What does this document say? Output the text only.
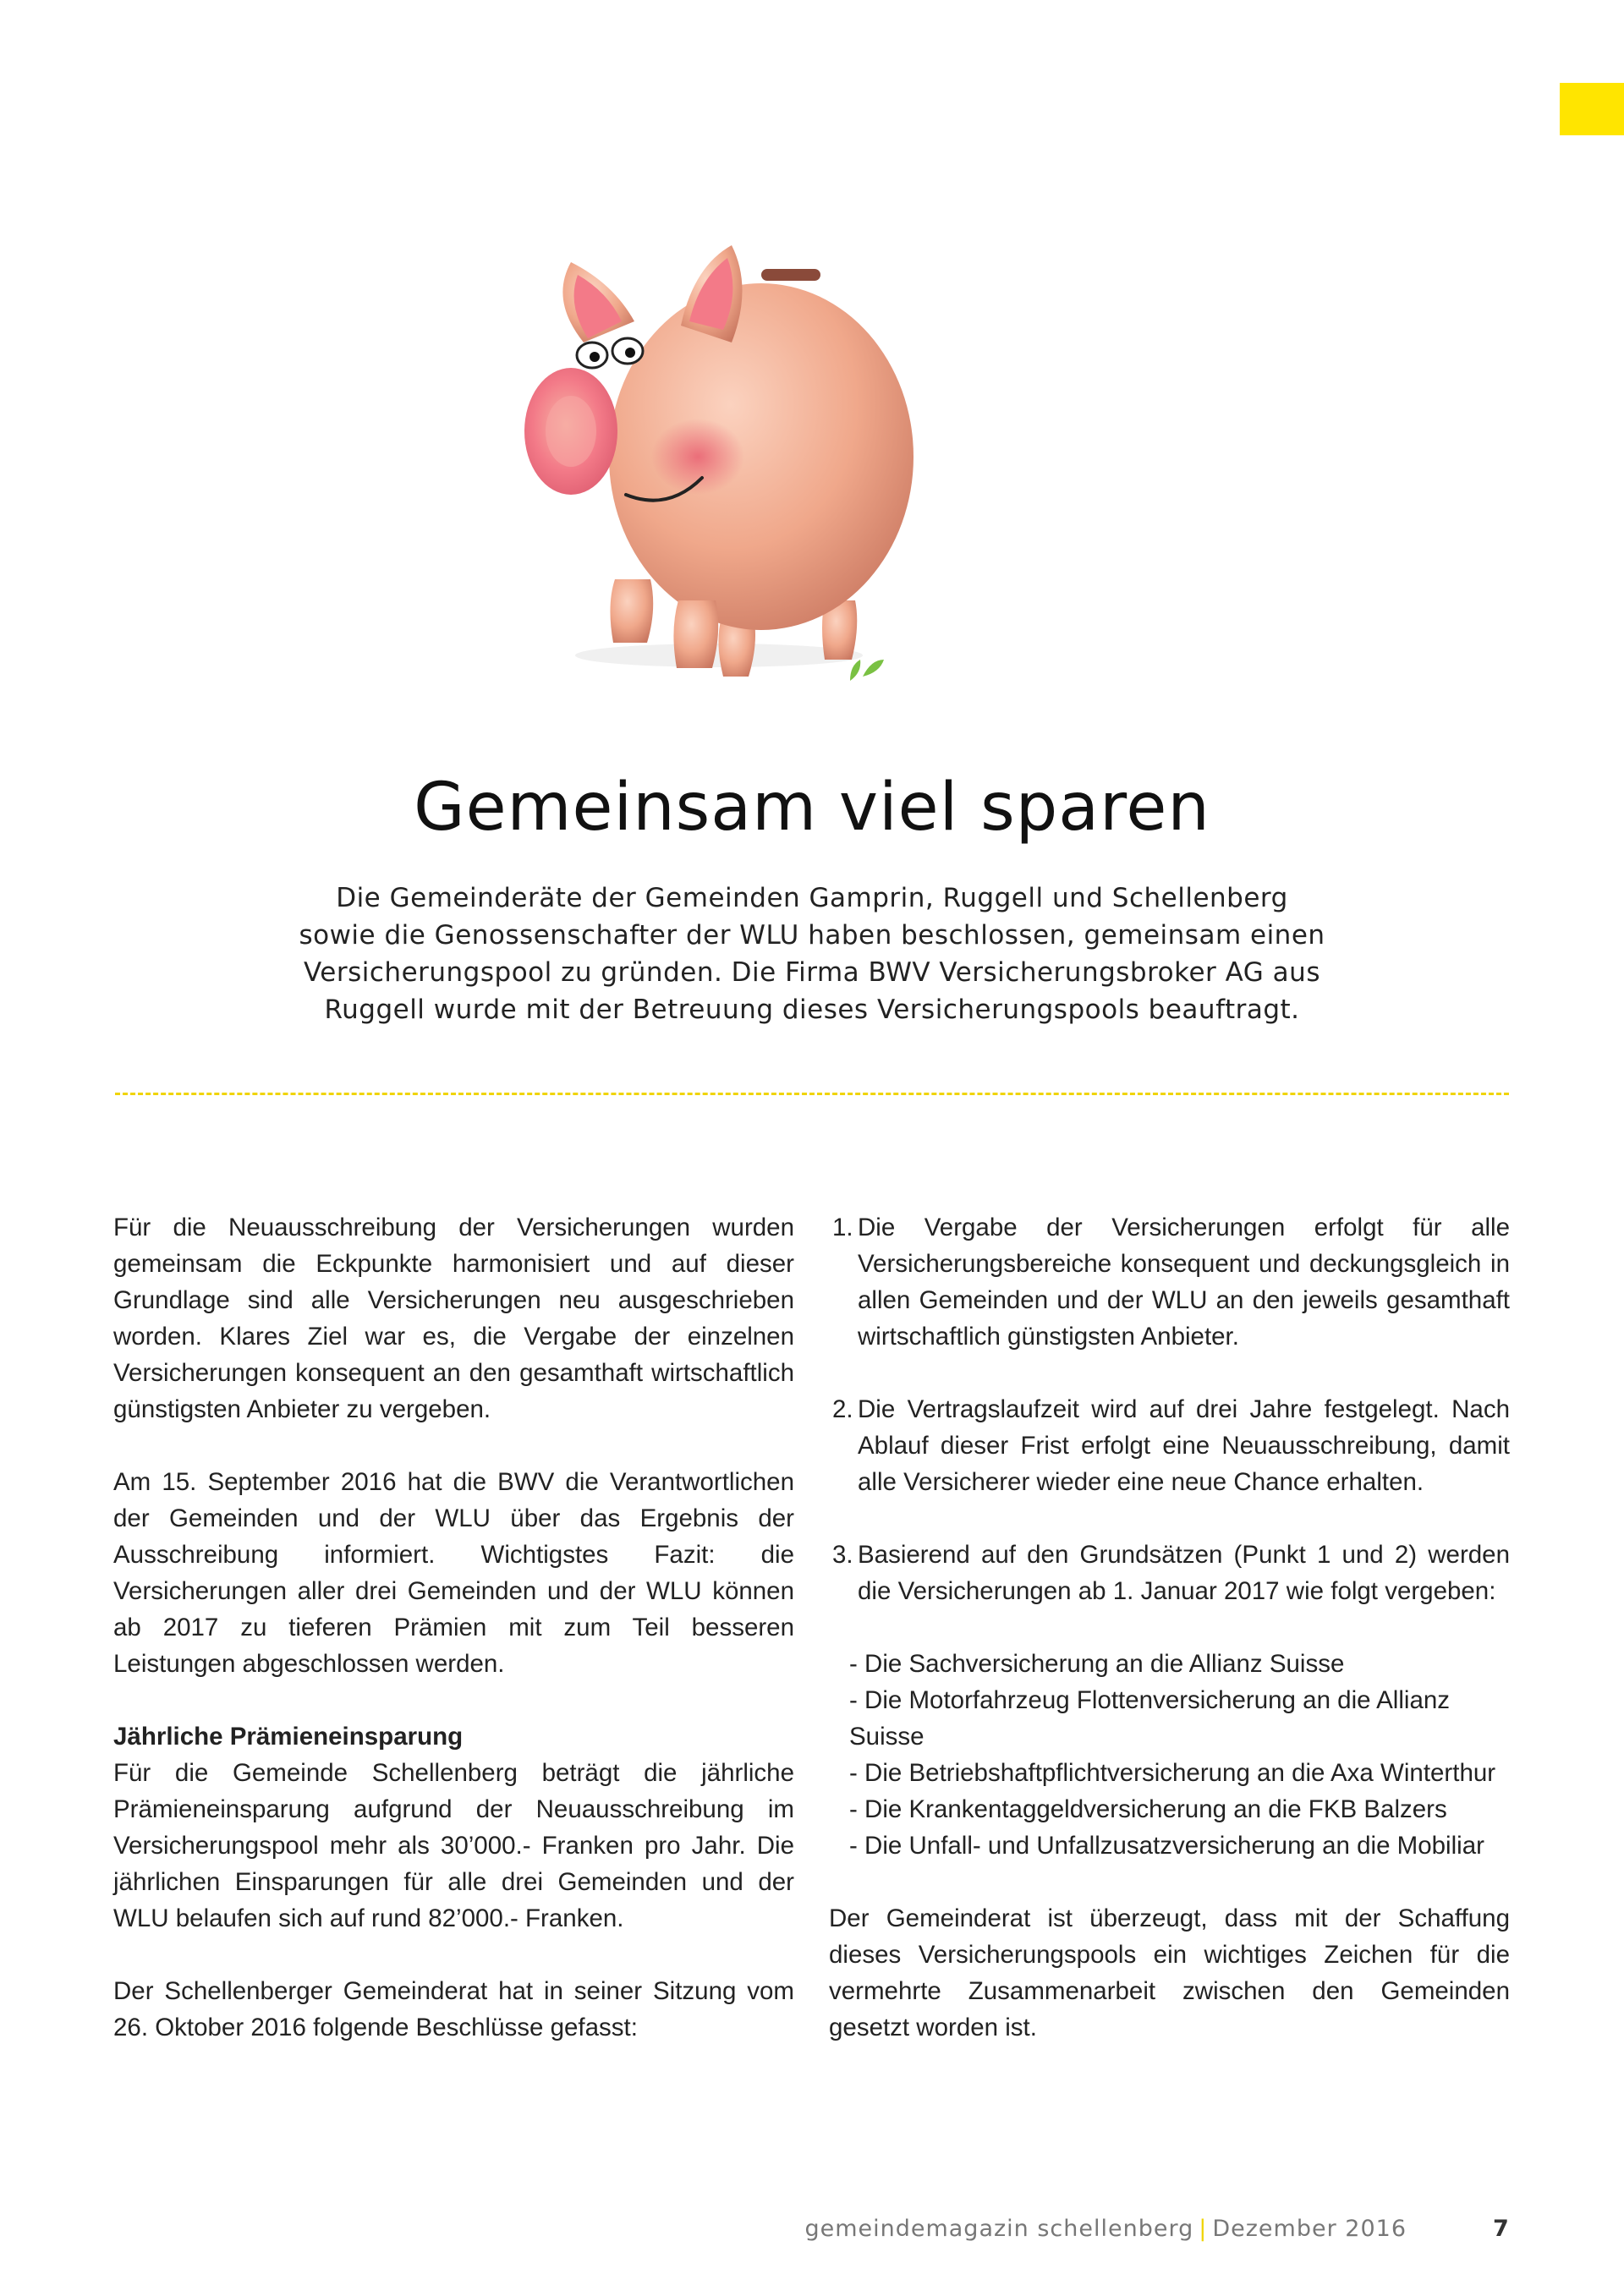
Gemeinsam viel sparen

Die Gemeinderäte der Gemeinden Gamprin, Ruggell und Schellenberg

sowie die Genossenschafter der WLU haben beschlossen, gemeinsam einen

Versicherungspool zu gründen. Die Firma BWV Versicherungsbroker AG aus

Ruggell wurde mit der Betreuung dieses Versicherungspools beauftragt.

Für die Neuausschreibung der Versicherungen wurden gemeinsam die Eckpunkte harmonisiert und auf dieser Grundlage sind alle Versicherungen neu ausgeschrieben worden. Klares Ziel war es, die Vergabe der einzelnen Versicherungen konsequent an den gesamthaft wirtschaftlich günstigsten Anbieter zu vergeben.

Am 15. September 2016 hat die BWV die Verantwortlichen der Gemeinden und der WLU über das Ergebnis der Ausschreibung informiert. Wichtigstes Fazit: die Versicherungen aller drei Gemeinden und der WLU können ab 2017 zu tieferen Prämien mit zum Teil besseren Leistungen abgeschlossen werden.

Jährliche Prämieneinsparung

Für die Gemeinde Schellenberg beträgt die jährliche Prämieneinsparung aufgrund der Neuausschreibung im Versicherungspool mehr als 30’000.- Franken pro Jahr. Die jährlichen Einsparungen für alle drei Gemeinden und der WLU belaufen sich auf rund 82’000.- Franken.

Der Schellenberger Gemeinderat hat in seiner Sitzung vom 26. Oktober 2016 folgende Beschlüsse gefasst:

1. Die Vergabe der Versicherungen erfolgt für alle Versicherungsbereiche konsequent und deckungsgleich in allen Gemeinden und der WLU an den jeweils gesamthaft wirtschaftlich günstigsten Anbieter.
2. Die Vertragslaufzeit wird auf drei Jahre festgelegt. Nach Ablauf dieser Frist erfolgt eine Neuausschreibung, damit alle Versicherer wieder eine neue Chance erhalten.
3. Basierend auf den Grundsätzen (Punkt 1 und 2) werden die Versicherungen ab 1. Januar 2017 wie folgt vergeben:
- Die Sachversicherung an die Allianz Suisse
- Die Motorfahrzeug Flottenversicherung an die Allianz Suisse
- Die Betriebshaftpflichtversicherung an die Axa Winterthur
- Die Krankentaggeldversicherung an die FKB Balzers
- Die Unfall- und Unfallzusatzversicherung an die Mobiliar

Der Gemeinderat ist überzeugt, dass mit der Schaffung dieses Versicherungspools ein wichtiges Zeichen für die vermehrte Zusammenarbeit zwischen den Gemeinden gesetzt worden ist.

gemeindemagazin schellenberg | Dezember 2016	7
